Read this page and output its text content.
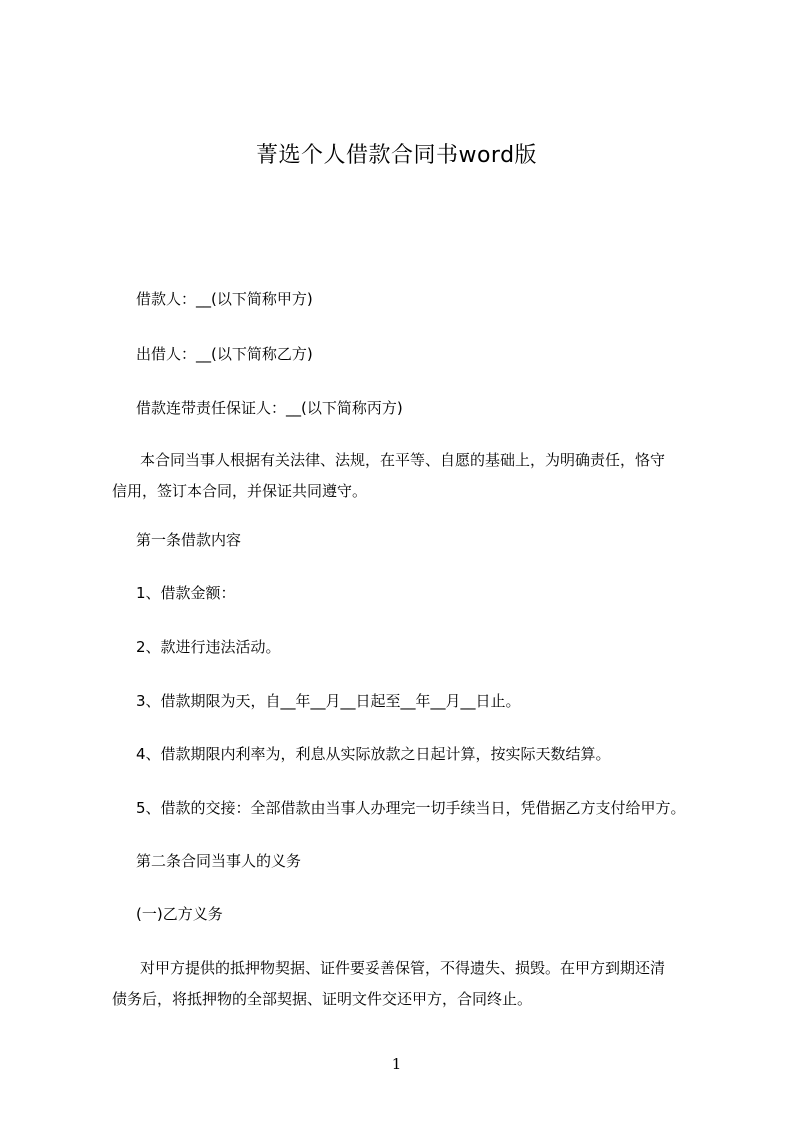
菁选个人借款合同书word版

借款人：__(以下简称甲方)

出借人：__(以下简称乙方)

借款连带责任保证人：__(以下简称丙方)

本合同当事人根据有关法律、法规，在平等、自愿的基础上，为明确责任，恪守
信用，签订本合同，并保证共同遵守。

第一条借款内容

1、借款金额：

2、款进行违法活动。

3、借款期限为天，自__年__月__日起至__年__月__日止。

4、借款期限内利率为，利息从实际放款之日起计算，按实际天数结算。

5、借款的交接：全部借款由当事人办理完一切手续当日，凭借据乙方支付给甲方。

第二条合同当事人的义务

(一)乙方义务

对甲方提供的抵押物契据、证件要妥善保管，不得遗失、损毁。在甲方到期还清
债务后，将抵押物的全部契据、证明文件交还甲方，合同终止。

1
